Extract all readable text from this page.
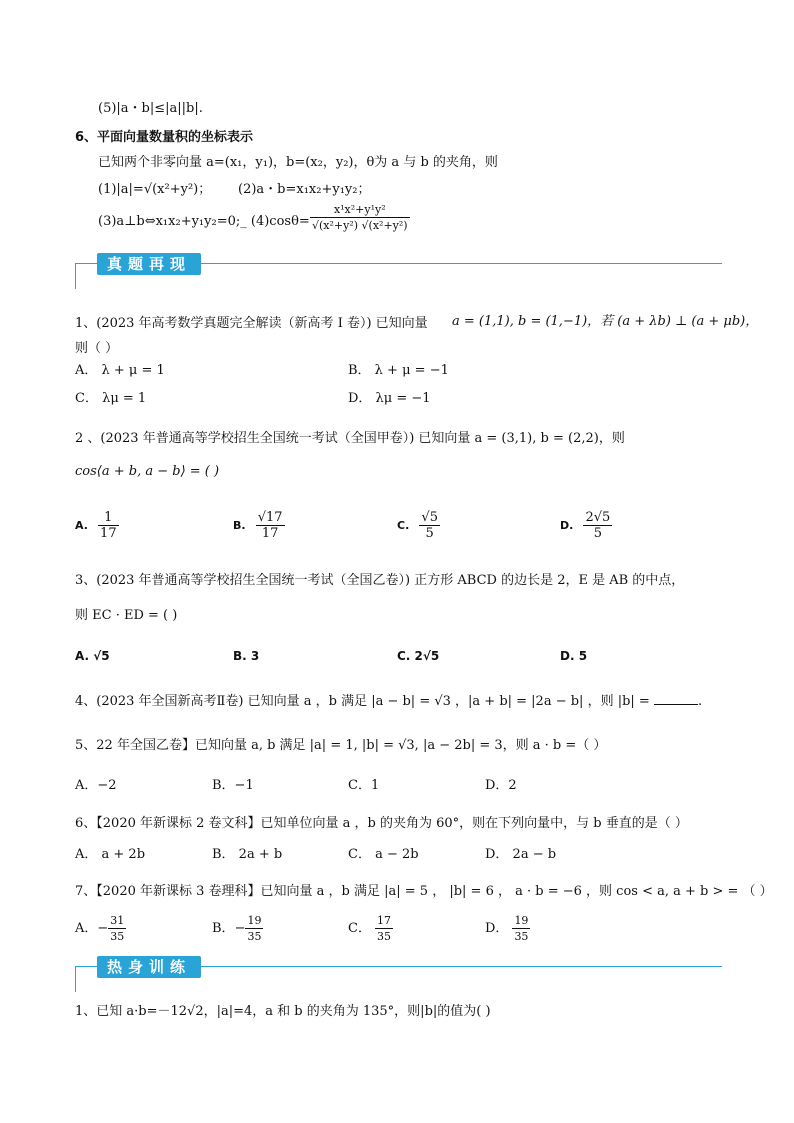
(5)|a・b|≤|a||b|.
6、平面向量数量积的坐标表示
已知两个非零向量 a=(x₁，y₁)，b=(x₂，y₂)，θ为 a 与 b 的夹角，则
(1)|a|=√(x²+y²)； (2)a・b=x₁x₂+y₁y₂；
(3)a⊥b⇔x₁x₂+y₁y₂=0;_ $(4)\cos\theta= \frac{\text{x¹x²+y¹y²}}{\text{√(x²+y²) √(x²+y²)}}$
真题再现
1、(2023 年高考数学真题完全解读（新高考 I 卷）) 已知向量 a = (1,1), b = (1,−1)，若 (a + λb) ⊥ (a + μb)，
则（ ）
A． λ + μ = 1	B． λ + μ = −1
C． λμ = 1	D． λμ = −1
2 、(2023 年普通高等学校招生全国统一考试（全国甲卷）) 已知向量 a = (3,1), b = (2,2)，则
cos⟨a + b, a − b⟩ = ( )
A. $\frac{1}{17}$	B. $\frac{√17}{17}$	C. $\frac{√5}{5}$	D. $\frac{2√5}{5}$
3、(2023 年普通高等学校招生全国统一考试（全国乙卷）) 正方形 ABCD 的边长是 2，E 是 AB 的中点，
则 EC · ED = ( )
A. √5	B. 3	C. 2√5	D. 5
4、(2023 年全国新高考Ⅱ卷) 已知向量 a ，b 满足 |a − b| = √3 ，|a + b| = |2a − b| ，则 |b| =	.
5、22 年全国乙卷】已知向量 a, b 满足 |a| = 1, |b| = √3, |a − 2b| = 3，则 a · b =（ ）
A．−2	B．−1	C．1	D．2
6、【2020 年新课标 2 卷文科】已知单位向量 a ，b 的夹角为 60°，则在下列向量中，与 b 垂直的是（ ）
A． a + 2b	B． 2a + b	C． a − 2b	D． 2a − b
7、【2020 年新课标 3 卷理科】已知向量 a ，b 满足 |a| = 5 ， |b| = 6 ， a · b = −6 ，则 cos < a, a + b > = （ ）
A．− $\frac{31}{35}$	B．− $\frac{19}{35}$	C． $\frac{17}{35}$	D． $\frac{19}{35}$
热身训练
1、已知 a·b=－12√2，|a|=4，a 和 b 的夹角为 135°，则|b|的值为( )
